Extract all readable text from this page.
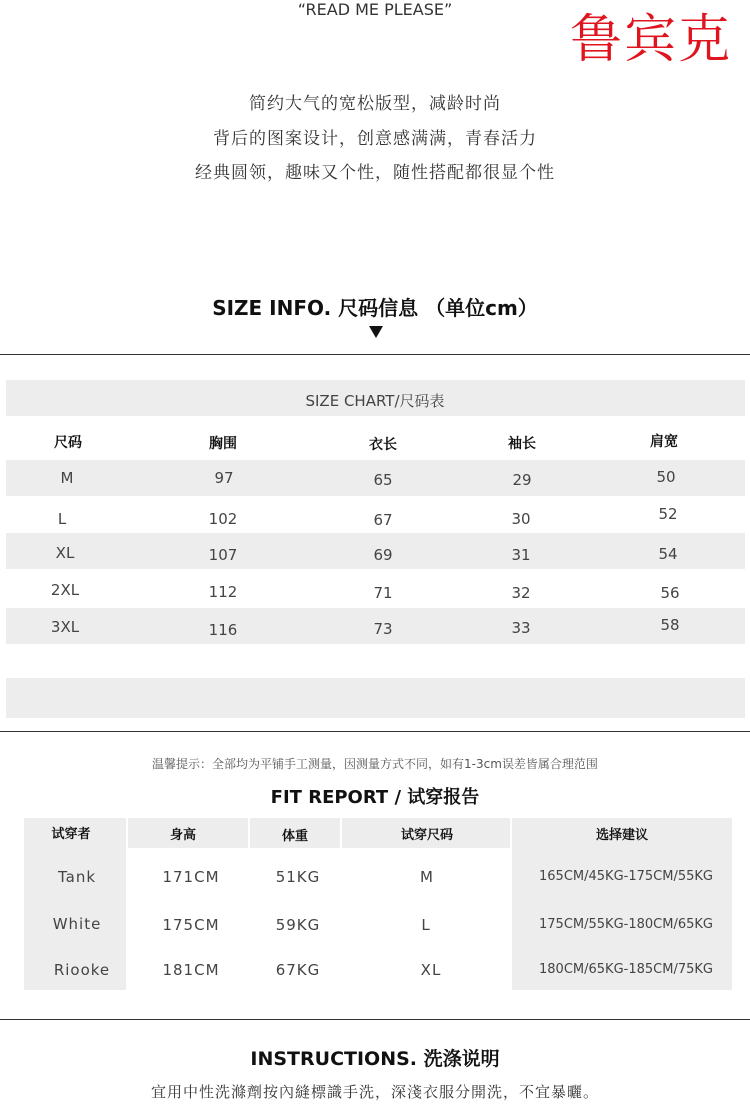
鲁宾克
“READ ME PLEASE”
简约大气的宽松版型，减龄时尚
背后的图案设计，创意感满满，青春活力
经典圆领，趣味又个性，随性搭配都很显个性
SIZE INFO. 尺码信息 （单位cm）
SIZE CHART/尺码表
尺码	胸围	衣长	袖长	肩宽
M	97	65	29	50
L	102	67	30	52
XL	107	69	31	54
2XL	112	71	32	56
3XL	116	73	33	58
温馨提示：全部均为平铺手工测量，因测量方式不同，如有1-3cm误差皆属合理范围
FIT REPORT / 试穿报告
试穿者	身高	体重	试穿尺码	选择建议
Tank	171CM	51KG	M	165CM/45KG-175CM/55KG
White	175CM	59KG	L	175CM/55KG-180CM/65KG
Riooke	181CM	67KG	XL	180CM/65KG-185CM/75KG
INSTRUCTIONS. 洗涤说明
宜用中性洗滌劑按內縫標識手洗，深淺衣服分開洗，不宜暴曬。
